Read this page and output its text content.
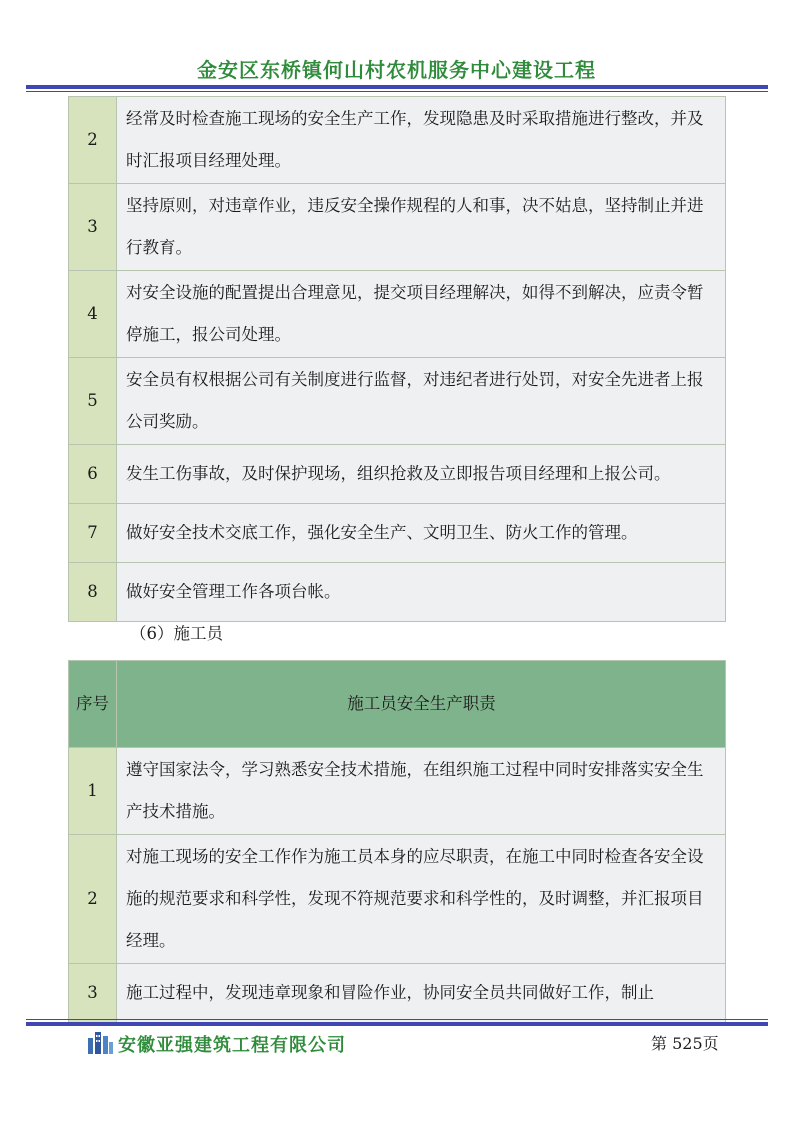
金安区东桥镇何山村农机服务中心建设工程
2	经常及时检查施工现场的安全生产工作，发现隐患及时采取措施进行整改，并及时汇报项目经理处理。
3	坚持原则，对违章作业，违反安全操作规程的人和事，决不姑息，坚持制止并进行教育。
4	对安全设施的配置提出合理意见，提交项目经理解决，如得不到解决，应责令暂停施工，报公司处理。
5	安全员有权根据公司有关制度进行监督，对违纪者进行处罚，对安全先进者上报公司奖励。
6	发生工伤事故，及时保护现场，组织抢救及立即报告项目经理和上报公司。
7	做好安全技术交底工作，强化安全生产、文明卫生、防火工作的管理。
8	做好安全管理工作各项台帐。
（6）施工员
序号	施工员安全生产职责
1	遵守国家法令，学习熟悉安全技术措施，在组织施工过程中同时安排落实安全生产技术措施。
2	对施工现场的安全工作作为施工员本身的应尽职责，在施工中同时检查各安全设施的规范要求和科学性，发现不符规范要求和科学性的，及时调整，并汇报项目经理。
3	施工过程中，发现违章现象和冒险作业，协同安全员共同做好工作，制止
安徽亚强建筑工程有限公司	第 525页
